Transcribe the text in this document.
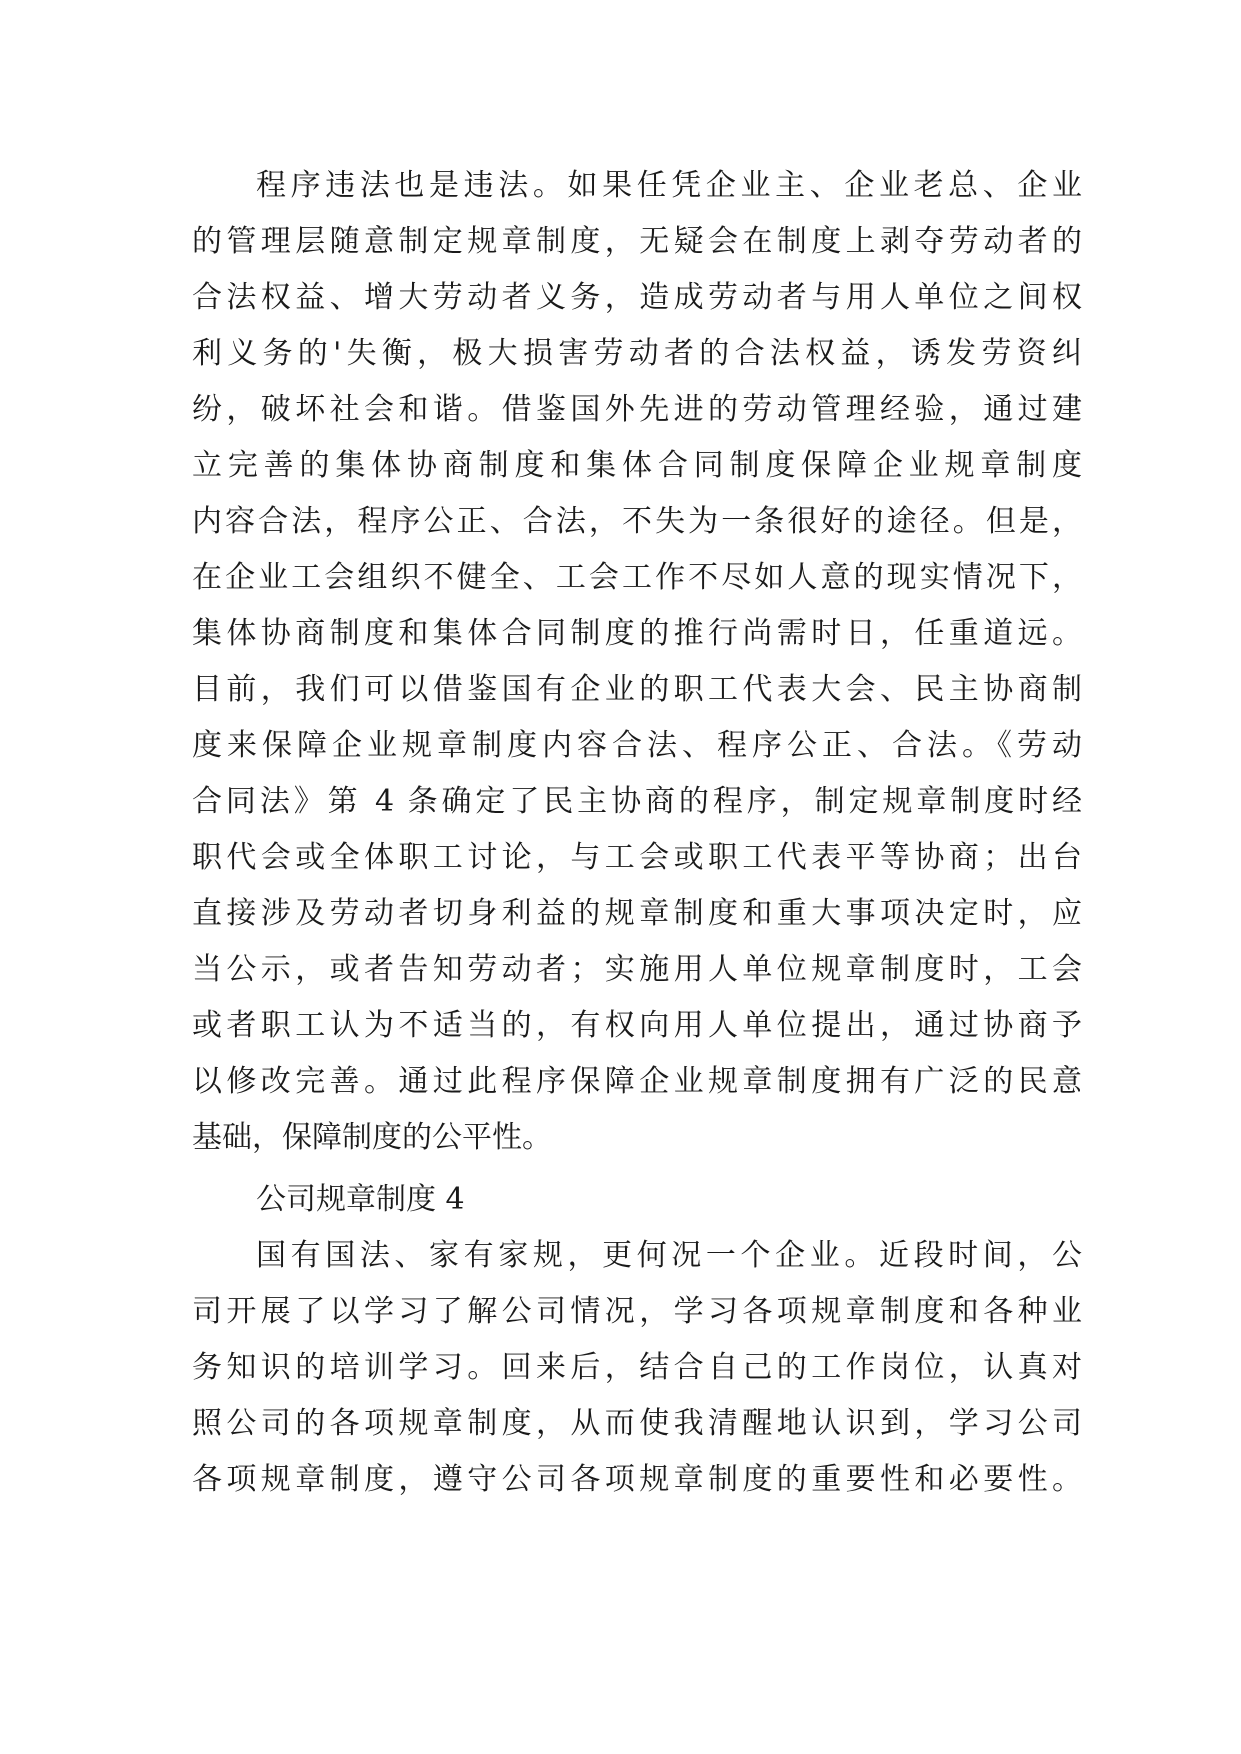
程序违法也是违法。如果任凭企业主、企业老总、企业
的管理层随意制定规章制度，无疑会在制度上剥夺劳动者的
合法权益、增大劳动者义务，造成劳动者与用人单位之间权
利义务的'失衡，极大损害劳动者的合法权益，诱发劳资纠
纷，破坏社会和谐。借鉴国外先进的劳动管理经验，通过建
立完善的集体协商制度和集体合同制度保障企业规章制度
内容合法，程序公正、合法，不失为一条很好的途径。但是，
在企业工会组织不健全、工会工作不尽如人意的现实情况下，
集体协商制度和集体合同制度的推行尚需时日，任重道远。
目前，我们可以借鉴国有企业的职工代表大会、民主协商制
度来保障企业规章制度内容合法、程序公正、合法。《劳动
合同法》第 4 条确定了民主协商的程序，制定规章制度时经
职代会或全体职工讨论，与工会或职工代表平等协商；出台
直接涉及劳动者切身利益的规章制度和重大事项决定时，应
当公示，或者告知劳动者；实施用人单位规章制度时，工会
或者职工认为不适当的，有权向用人单位提出，通过协商予
以修改完善。通过此程序保障企业规章制度拥有广泛的民意
基础，保障制度的公平性。
公司规章制度 4
国有国法、家有家规，更何况一个企业。近段时间，公
司开展了以学习了解公司情况，学习各项规章制度和各种业
务知识的培训学习。回来后，结合自己的工作岗位，认真对
照公司的各项规章制度，从而使我清醒地认识到，学习公司
各项规章制度，遵守公司各项规章制度的重要性和必要性。
